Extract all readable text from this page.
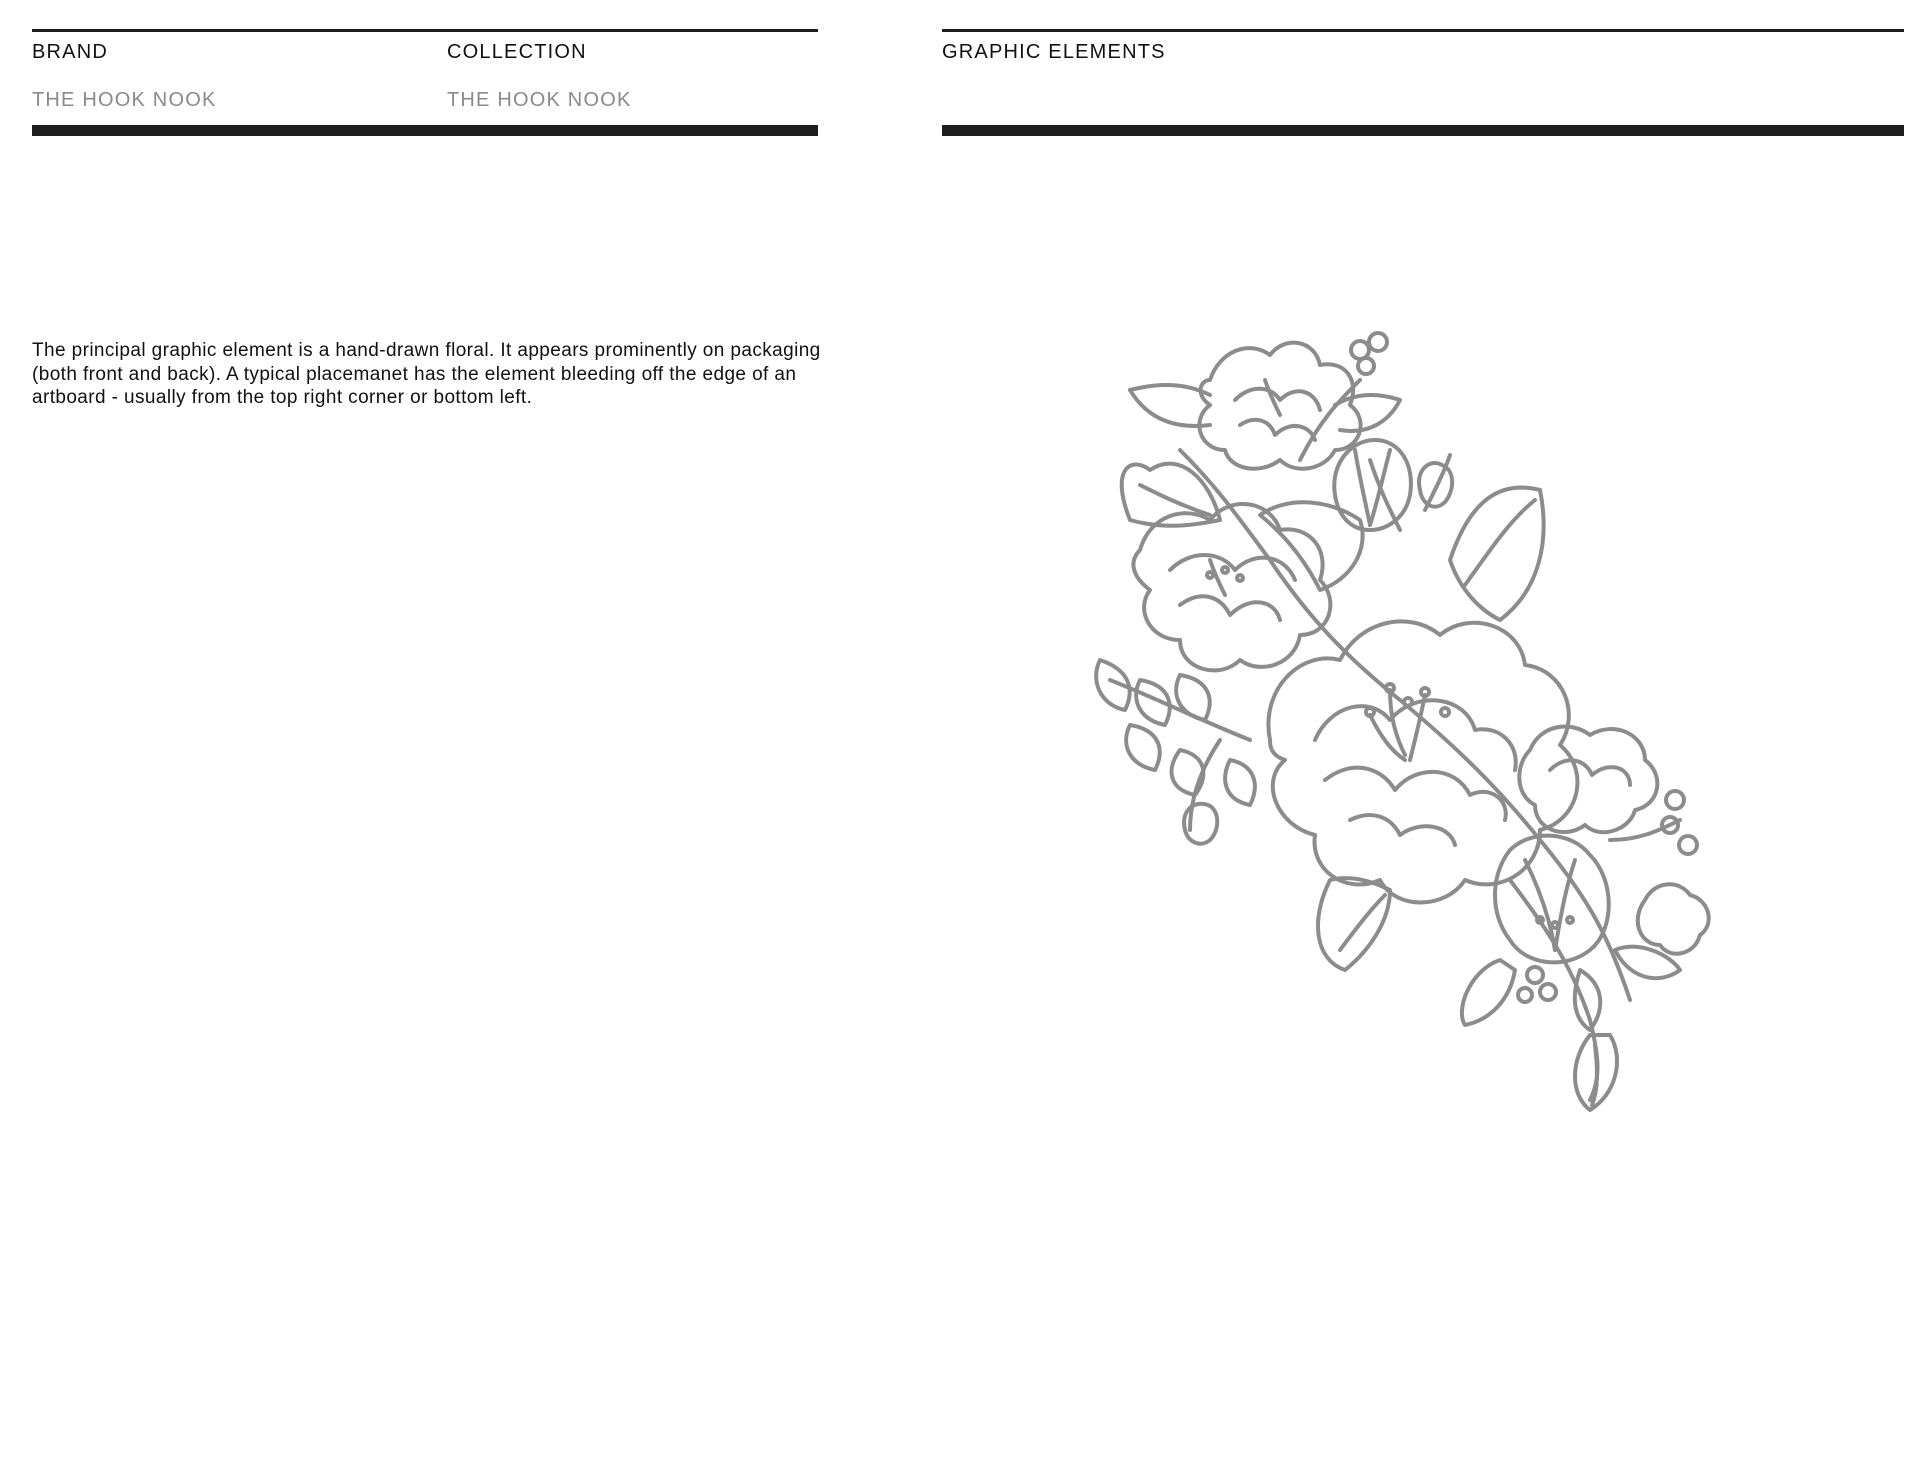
BRAND	COLLECTION
THE HOOK NOOK	THE HOOK NOOK

The principal graphic element is a hand-drawn floral. It appears prominently on packaging (both front and back). A typical placemanet has the element bleeding off the edge of an artboard - usually from the top right corner or bottom left.

GRAPHIC ELEMENTS
